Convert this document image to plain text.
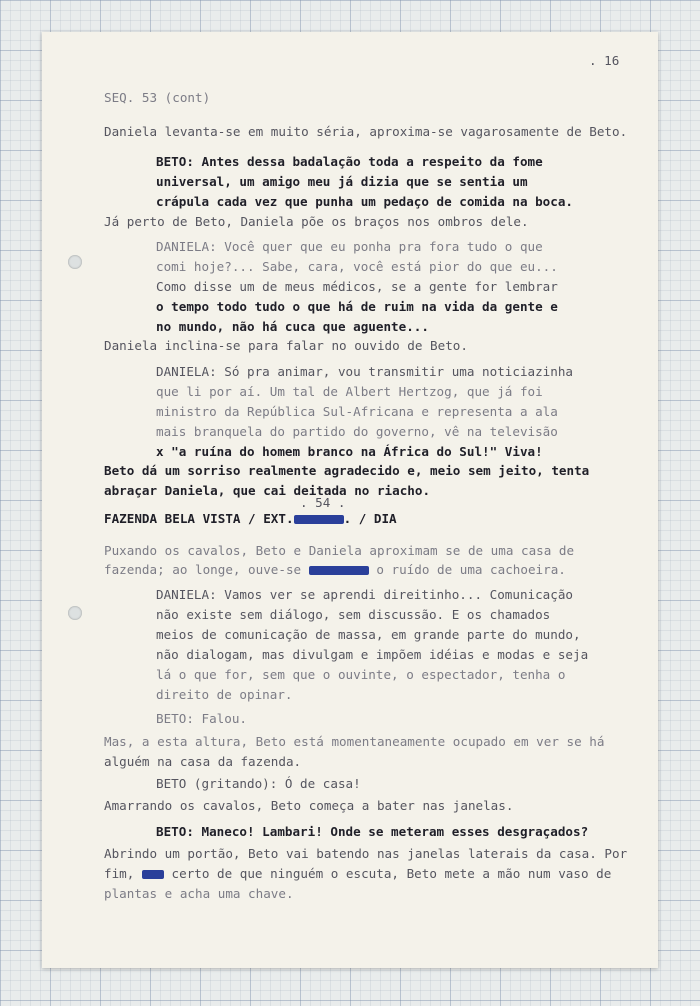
. 16
SEQ. 53 (cont)
Daniela levanta-se em muito séria, aproxima-se vagarosamente de Beto.
BETO: Antes dessa badalação toda a respeito da fome
universal, um amigo meu já dizia que se sentia um
crápula cada vez que punha um pedaço de comida na boca.
Já perto de Beto, Daniela põe os braços nos ombros dele.
DANIELA: Você quer que eu ponha pra fora tudo o que
comi hoje?... Sabe, cara, você está pior do que eu...
Como disse um de meus médicos, se a gente for lembrar
o tempo todo tudo o que há de ruim na vida da gente e
no mundo, não há cuca que aguente...
Daniela inclina-se para falar no ouvido de Beto.
DANIELA: Só pra animar, vou transmitir uma noticiazinha
que li por aí. Um tal de Albert Hertzog, que já foi
ministro da República Sul-Africana e representa a ala
mais branquela do partido do governo, vê na televisão
x "a ruína do homem branco na África do Sul!" Viva!
Beto dá um sorriso realmente agradecido e, meio sem jeito, tenta
abraçar Daniela, que cai deitada no riacho.
. 54 .
FAZENDA BELA VISTA / EXT.	. / DIA
Puxando os cavalos, Beto e Daniela aproximam se de uma casa de
fazenda; ao longe, ouve-se	o ruído de uma cachoeira.
DANIELA: Vamos ver se aprendi direitinho... Comunicação
não existe sem diálogo, sem discussão. E os chamados
meios de comunicação de massa, em grande parte do mundo,
não dialogam, mas divulgam e impõem idéias e modas e seja
lá o que for, sem que o ouvinte, o espectador, tenha o
direito de opinar.
BETO: Falou.
Mas, a esta altura, Beto está momentaneamente ocupado em ver se há
alguém na casa da fazenda.
BETO (gritando): Ó de casa!
Amarrando os cavalos, Beto começa a bater nas janelas.
BETO: Maneco! Lambari! Onde se meteram esses desgraçados?
Abrindo um portão, Beto vai batendo nas janelas laterais da casa. Por
fim,	certo de que ninguém o escuta, Beto mete a mão num vaso de
plantas e acha uma chave.
